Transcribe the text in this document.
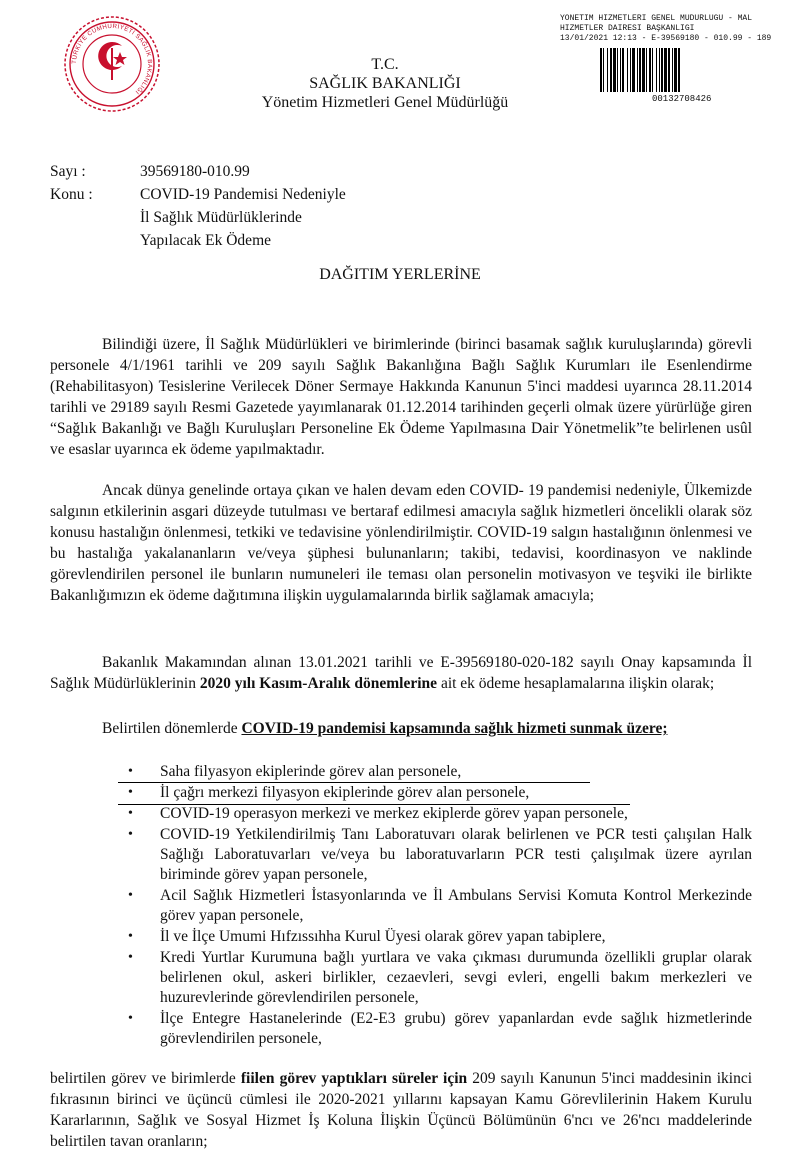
TÜRKİYE CUMHURİYETİ SAĞLIK BAKANLIĞI
YÖNETİM HİZMETLERİ GENEL MÜDÜRLÜĞÜ - MAL
HİZMETLER DAİRESİ BAŞKANLIĞI
13/01/2021 12:13 - E-39569180 - 010.99 - 189
00132708426
T.C.
SAĞLIK BAKANLIĞI
Yönetim Hizmetleri Genel Müdürlüğü
Sayı :	39569180-010.99
Konu :	COVID-19 Pandemisi Nedeniyle
İl Sağlık Müdürlüklerinde
Yapılacak Ek Ödeme
DAĞITIM YERLERİNE

Bilindiği üzere, İl Sağlık Müdürlükleri ve birimlerinde (birinci basamak sağlık kuruluşlarında) görevli personele 4/1/1961 tarihli ve 209 sayılı Sağlık Bakanlığına Bağlı Sağlık Kurumları ile Esenlendirme (Rehabilitasyon) Tesislerine Verilecek Döner Sermaye Hakkında Kanunun 5'inci maddesi uyarınca 28.11.2014 tarihli ve 29189 sayılı Resmi Gazetede yayımlanarak 01.12.2014 tarihinden geçerli olmak üzere yürürlüğe giren “Sağlık Bakanlığı ve Bağlı Kuruluşları Personeline Ek Ödeme Yapılmasına Dair Yönetmelik”te belirlenen usûl ve esaslar uyarınca ek ödeme yapılmaktadır.

Ancak dünya genelinde ortaya çıkan ve halen devam eden COVID- 19 pandemisi nedeniyle, Ülkemizde salgının etkilerinin asgari düzeyde tutulması ve bertaraf edilmesi amacıyla sağlık hizmetleri öncelikli olarak söz konusu hastalığın önlenmesi, tetkiki ve tedavisine yönlendirilmiştir. COVID-19 salgın hastalığının önlenmesi ve bu hastalığa yakalananların ve/veya şüphesi bulunanların; takibi, tedavisi, koordinasyon ve naklinde görevlendirilen personel ile bunların numuneleri ile teması olan personelin motivasyon ve teşviki ile birlikte Bakanlığımızın ek ödeme dağıtımına ilişkin uygulamalarında birlik sağlamak amacıyla;

Bakanlık Makamından alınan 13.01.2021 tarihli ve E-39569180-020-182 sayılı Onay kapsamında İl Sağlık Müdürlüklerinin 2020 yılı Kasım-Aralık dönemlerine ait ek ödeme hesaplamalarına ilişkin olarak;

Belirtilen dönemlerde COVID-19 pandemisi kapsamında sağlık hizmeti sunmak üzere;

•	Saha filyasyon ekiplerinde görev alan personele,
•	İl çağrı merkezi filyasyon ekiplerinde görev alan personele,
•	COVID-19 operasyon merkezi ve merkez ekiplerde görev yapan personele,
•	COVID-19 Yetkilendirilmiş Tanı Laboratuvarı olarak belirlenen ve PCR testi çalışılan Halk Sağlığı Laboratuvarları ve/veya bu laboratuvarların PCR testi çalışılmak üzere ayrılan biriminde görev yapan personele,
•	Acil Sağlık Hizmetleri İstasyonlarında ve İl Ambulans Servisi Komuta Kontrol Merkezinde görev yapan personele,
•	İl ve İlçe Umumi Hıfzıssıhha Kurul Üyesi olarak görev yapan tabiplere,
•	Kredi Yurtlar Kurumuna bağlı yurtlara ve vaka çıkması durumunda özellikli gruplar olarak belirlenen okul, askeri birlikler, cezaevleri, sevgi evleri, engelli bakım merkezleri ve huzurevlerinde görevlendirilen personele,
•	İlçe Entegre Hastanelerinde (E2-E3 grubu) görev yapanlardan evde sağlık hizmetlerinde görevlendirilen personele,

belirtilen görev ve birimlerde fiilen görev yaptıkları süreler için 209 sayılı Kanunun 5'inci maddesinin ikinci fıkrasının birinci ve üçüncü cümlesi ile 2020-2021 yıllarını kapsayan Kamu Görevlilerinin Hakem Kurulu Kararlarının, Sağlık ve Sosyal Hizmet İş Koluna İlişkin Üçüncü Bölümünün 6'ncı ve 26'ncı maddelerinde belirtilen tavan oranların;
